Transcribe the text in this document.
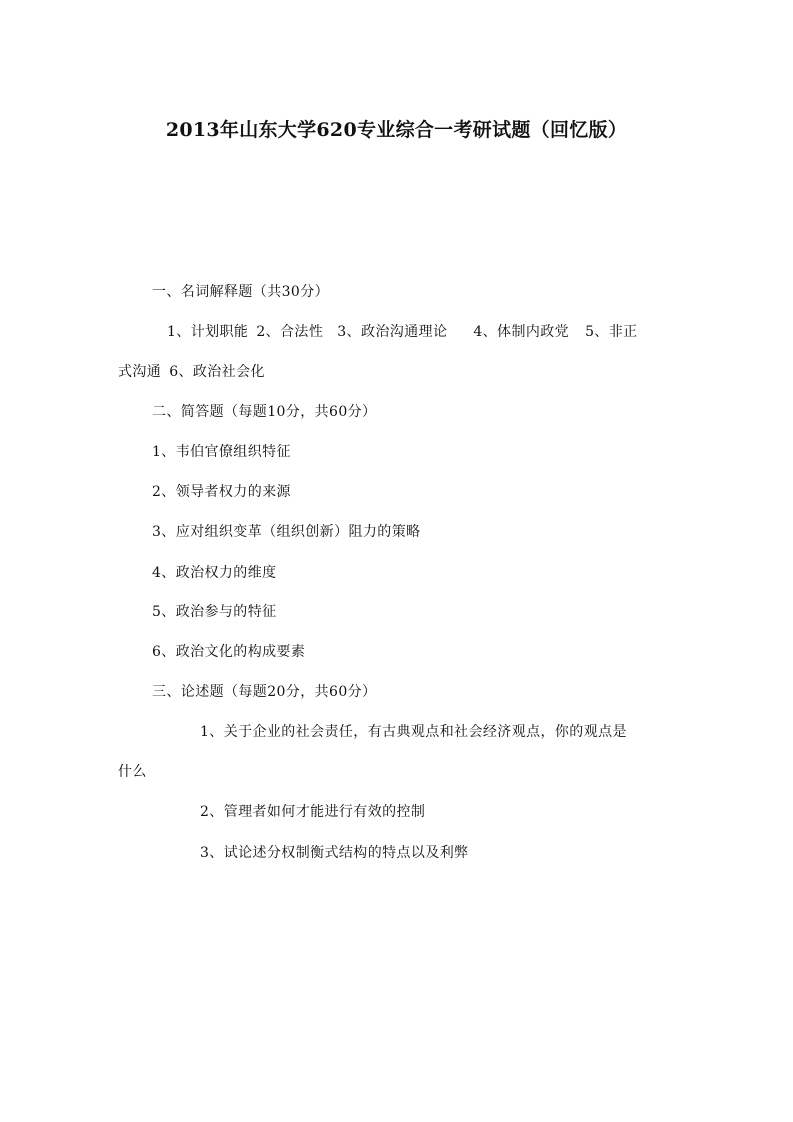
2013年山东大学620专业综合一考研试题（回忆版）
一、名词解释题（共30分）
1、计划职能 2、合法性 3、政治沟通理论 4、体制内政党 5、非正
式沟通 6、政治社会化
二、简答题（每题10分，共60分）
1、韦伯官僚组织特征
2、领导者权力的来源
3、应对组织变革（组织创新）阻力的策略
4、政治权力的维度
5、政治参与的特征
6、政治文化的构成要素
三、论述题（每题20分，共60分）
1、关于企业的社会责任，有古典观点和社会经济观点，你的观点是
什么
2、管理者如何才能进行有效的控制
3、试论述分权制衡式结构的特点以及利弊
